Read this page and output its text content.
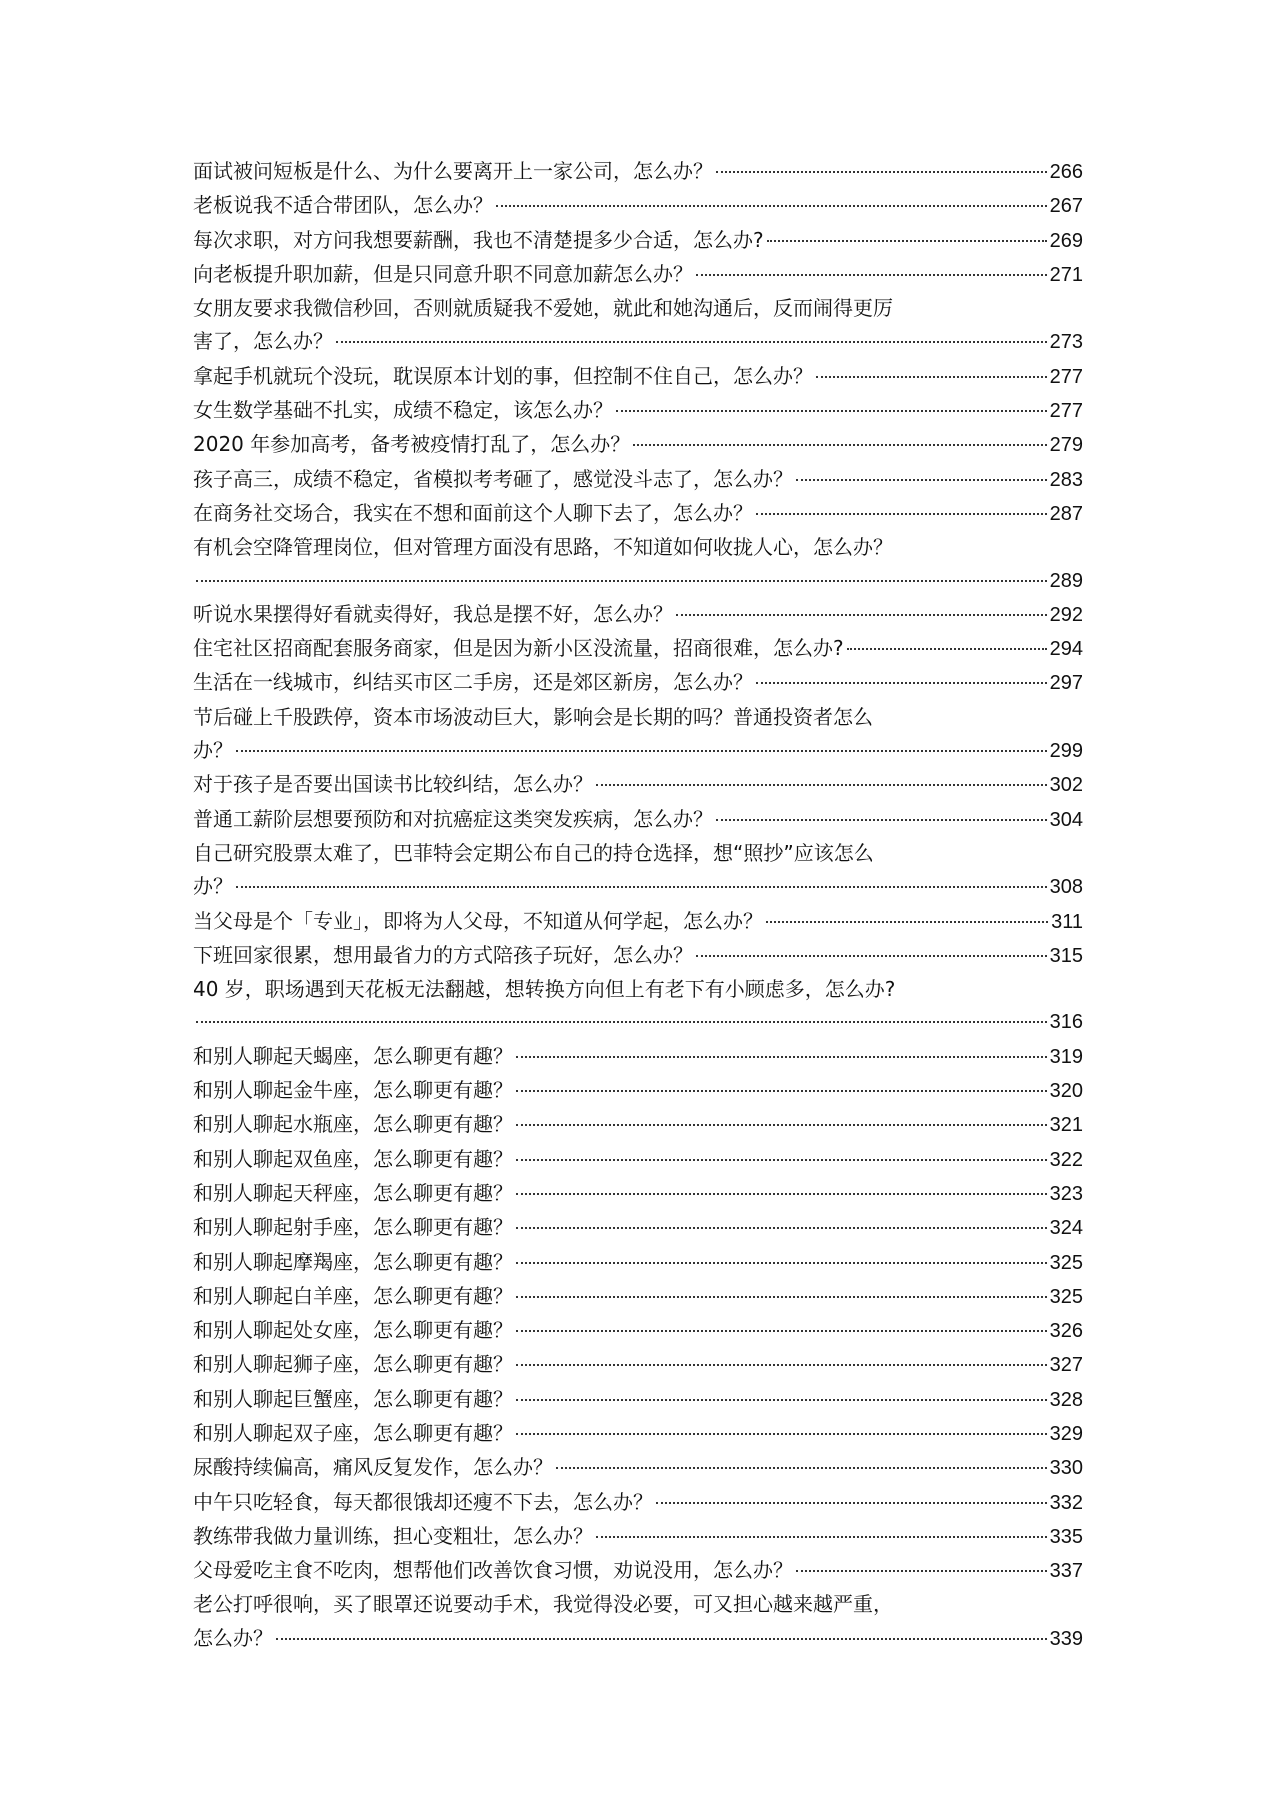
面试被问短板是什么、为什么要离开上一家公司，怎么办？	266
老板说我不适合带团队，怎么办？	267
每次求职，对方问我想要薪酬，我也不清楚提多少合适，怎么办?	269
向老板提升职加薪，但是只同意升职不同意加薪怎么办？	271
女朋友要求我微信秒回，否则就质疑我不爱她，就此和她沟通后，反而闹得更厉
害了，怎么办？	273
拿起手机就玩个没玩，耽误原本计划的事，但控制不住自己，怎么办？	277
女生数学基础不扎实，成绩不稳定，该怎么办？	277
2020 年参加高考，备考被疫情打乱了，怎么办？	279
孩子高三，成绩不稳定，省模拟考考砸了，感觉没斗志了，怎么办？	283
在商务社交场合，我实在不想和面前这个人聊下去了，怎么办？	287
有机会空降管理岗位，但对管理方面没有思路，不知道如何收拢人心，怎么办？
289
听说水果摆得好看就卖得好，我总是摆不好，怎么办？	292
住宅社区招商配套服务商家，但是因为新小区没流量，招商很难，怎么办?	294
生活在一线城市，纠结买市区二手房，还是郊区新房，怎么办？	297
节后碰上千股跌停，资本市场波动巨大，影响会是长期的吗？普通投资者怎么
办？	299
对于孩子是否要出国读书比较纠结，怎么办？	302
普通工薪阶层想要预防和对抗癌症这类突发疾病，怎么办？	304
自己研究股票太难了，巴菲特会定期公布自己的持仓选择，想“照抄”应该怎么
办？	308
当父母是个「专业」，即将为人父母，不知道从何学起，怎么办？	311
下班回家很累，想用最省力的方式陪孩子玩好，怎么办？	315
40 岁，职场遇到天花板无法翻越，想转换方向但上有老下有小顾虑多，怎么办?
316
和别人聊起天蝎座，怎么聊更有趣？	319
和别人聊起金牛座，怎么聊更有趣？	320
和别人聊起水瓶座，怎么聊更有趣？	321
和别人聊起双鱼座，怎么聊更有趣？	322
和别人聊起天秤座，怎么聊更有趣？	323
和别人聊起射手座，怎么聊更有趣？	324
和别人聊起摩羯座，怎么聊更有趣？	325
和别人聊起白羊座，怎么聊更有趣？	325
和别人聊起处女座，怎么聊更有趣？	326
和别人聊起狮子座，怎么聊更有趣？	327
和别人聊起巨蟹座，怎么聊更有趣？	328
和别人聊起双子座，怎么聊更有趣？	329
尿酸持续偏高，痛风反复发作，怎么办？	330
中午只吃轻食，每天都很饿却还瘦不下去，怎么办？	332
教练带我做力量训练，担心变粗壮，怎么办？	335
父母爱吃主食不吃肉，想帮他们改善饮食习惯，劝说没用，怎么办？	337
老公打呼很响，买了眼罩还说要动手术，我觉得没必要，可又担心越来越严重，
怎么办？	339
